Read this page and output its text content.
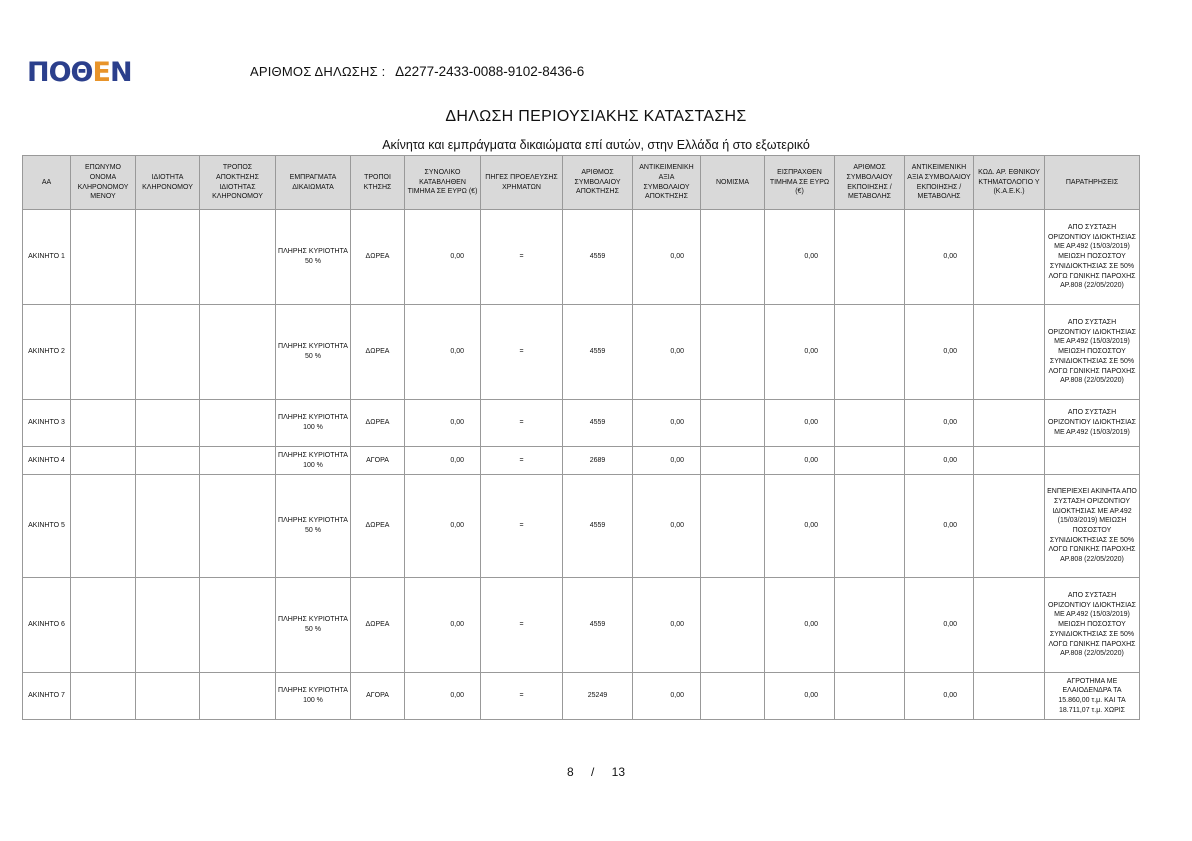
ΠΟΘΕΝ	ΑΡΙΘΜΟΣ ΔΗΛΩΣΗΣ : Δ2277-2433-0088-9102-8436-6
ΔΗΛΩΣΗ ΠΕΡΙΟΥΣΙΑΚΗΣ ΚΑΤΑΣΤΑΣΗΣ
Ακίνητα και εμπράγματα δικαιώματα επί αυτών, στην Ελλάδα ή στο εξωτερικό
ΑΑ	ΕΠΩΝΥΜΟ ΟΝΟΜΑ ΚΛΗΡΟΝΟΜΟΥ ΜΕΝΟΥ	ΙΔΙΟΤΗΤΑ ΚΛΗΡΟΝΟΜΟΥ	ΤΡΟΠΟΣ ΑΠΟΚΤΗΣΗΣ ΙΔΙΟΤΗΤΑΣ ΚΛΗΡΟΝΟΜΟΥ	ΕΜΠΡΑΓΜΑΤΑ ΔΙΚΑΙΩΜΑΤΑ	ΤΡΟΠΟΙ ΚΤΗΣΗΣ	ΣΥΝΟΛΙΚΟ ΚΑΤΑΒΛΗΘΕΝ ΤΙΜΗΜΑ ΣΕ ΕΥΡΩ (€)	ΠΗΓΕΣ ΠΡΟΕΛΕΥΣΗΣ ΧΡΗΜΑΤΩΝ	ΑΡΙΘΜΟΣ ΣΥΜΒΟΛΑΙΟΥ ΑΠΟΚΤΗΣΗΣ	ΑΝΤΙΚΕΙΜΕΝΙΚΗ ΑΞΙΑ ΣΥΜΒΟΛΑΙΟΥ ΑΠΟΚΤΗΣΗΣ	ΝΟΜΙΣΜΑ	ΕΙΣΠΡΑΧΘΕΝ ΤΙΜΗΜΑ ΣΕ ΕΥΡΩ (€)	ΑΡΙΘΜΟΣ ΣΥΜΒΟΛΑΙΟΥ ΕΚΠΟΙΗΣΗΣ /ΜΕΤΑΒΟΛΗΣ	ΑΝΤΙΚΕΙΜΕΝΙΚΗ ΑΞΙΑ ΣΥΜΒΟΛΑΙΟΥ ΕΚΠΟΙΗΣΗΣ / ΜΕΤΑΒΟΛΗΣ	ΚΩΔ. ΑΡ. ΕΘΝΙΚΟΥ ΚΤΗΜΑΤΟΛΟΓΙΟ Υ (Κ.Α.Ε.Κ.)	ΠΑΡΑΤΗΡΗΣΕΙΣ
ΑΚΙΝΗΤΟ 1				ΠΛΗΡΗΣ ΚΥΡΙΟΤΗΤΑ 50 %	ΔΩΡΕΑ	0,00	=	4559	0,00		0,00		0,00		ΑΠΟ ΣΥΣΤΑΣΗ ΟΡΙΖΟΝΤΙΟΥ ΙΔΙΟΚΤΗΣΙΑΣ ΜΕ ΑΡ.492 (15/03/2019) ΜΕΙΩΣΗ ΠΟΣΟΣΤΟΥ ΣΥΝΙΔΙΟΚΤΗΣΙΑΣ ΣΕ 50% ΛΟΓΩ ΓΩΝΙΚΗΣ ΠΑΡΟΧΗΣ ΑΡ.808 (22/05/2020)
ΑΚΙΝΗΤΟ 2				ΠΛΗΡΗΣ ΚΥΡΙΟΤΗΤΑ 50 %	ΔΩΡΕΑ	0,00	=	4559	0,00		0,00		0,00		ΑΠΟ ΣΥΣΤΑΣΗ ΟΡΙΖΟΝΤΙΟΥ ΙΔΙΟΚΤΗΣΙΑΣ ΜΕ ΑΡ.492 (15/03/2019) ΜΕΙΩΣΗ ΠΟΣΟΣΤΟΥ ΣΥΝΙΔΙΟΚΤΗΣΙΑΣ ΣΕ 50% ΛΟΓΩ ΓΩΝΙΚΗΣ ΠΑΡΟΧΗΣ ΑΡ.808 (22/05/2020)
ΑΚΙΝΗΤΟ 3				ΠΛΗΡΗΣ ΚΥΡΙΟΤΗΤΑ 100 %	ΔΩΡΕΑ	0,00	=	4559	0,00		0,00		0,00		ΑΠΟ ΣΥΣΤΑΣΗ ΟΡΙΖΟΝΤΙΟΥ ΙΔΙΟΚΤΗΣΙΑΣ ΜΕ ΑΡ.492 (15/03/2019)
ΑΚΙΝΗΤΟ 4				ΠΛΗΡΗΣ ΚΥΡΙΟΤΗΤΑ 100 %	ΑΓΟΡΑ	0,00	=	2689	0,00		0,00		0,00		
ΑΚΙΝΗΤΟ 5				ΠΛΗΡΗΣ ΚΥΡΙΟΤΗΤΑ 50 %	ΔΩΡΕΑ	0,00	=	4559	0,00		0,00		0,00		ΕΝΠΕΡΙΕΧΕΙ ΑΚΙΝΗΤΑ ΑΠΟ ΣΥΣΤΑΣΗ ΟΡΙΖΟΝΤΙΟΥ ΙΔΙΟΚΤΗΣΙΑΣ ΜΕ ΑΡ.492 (15/03/2019) ΜΕΙΩΣΗ ΠΟΣΟΣΤΟΥ ΣΥΝΙΔΙΟΚΤΗΣΙΑΣ ΣΕ 50% ΛΟΓΩ ΓΩΝΙΚΗΣ ΠΑΡΟΧΗΣ ΑΡ.808 (22/05/2020)
ΑΚΙΝΗΤΟ 6				ΠΛΗΡΗΣ ΚΥΡΙΟΤΗΤΑ 50 %	ΔΩΡΕΑ	0,00	=	4559	0,00		0,00		0,00		ΑΠΟ ΣΥΣΤΑΣΗ ΟΡΙΖΟΝΤΙΟΥ ΙΔΙΟΚΤΗΣΙΑΣ ΜΕ ΑΡ.492 (15/03/2019) ΜΕΙΩΣΗ ΠΟΣΟΣΤΟΥ ΣΥΝΙΔΙΟΚΤΗΣΙΑΣ ΣΕ 50% ΛΟΓΩ ΓΩΝΙΚΗΣ ΠΑΡΟΧΗΣ ΑΡ.808 (22/05/2020)
ΑΚΙΝΗΤΟ 7				ΠΛΗΡΗΣ ΚΥΡΙΟΤΗΤΑ 100 %	ΑΓΟΡΑ	0,00	=	25249	0,00		0,00		0,00		ΑΓΡΟΤΗΜΑ ΜΕ ΕΛΑΙΟΔΕΝΔΡΑ ΤΑ 15.860,00 τ.μ. ΚΑΙ ΤΑ 18.711,07 τ.μ. ΧΩΡΙΣ
8 / 13
